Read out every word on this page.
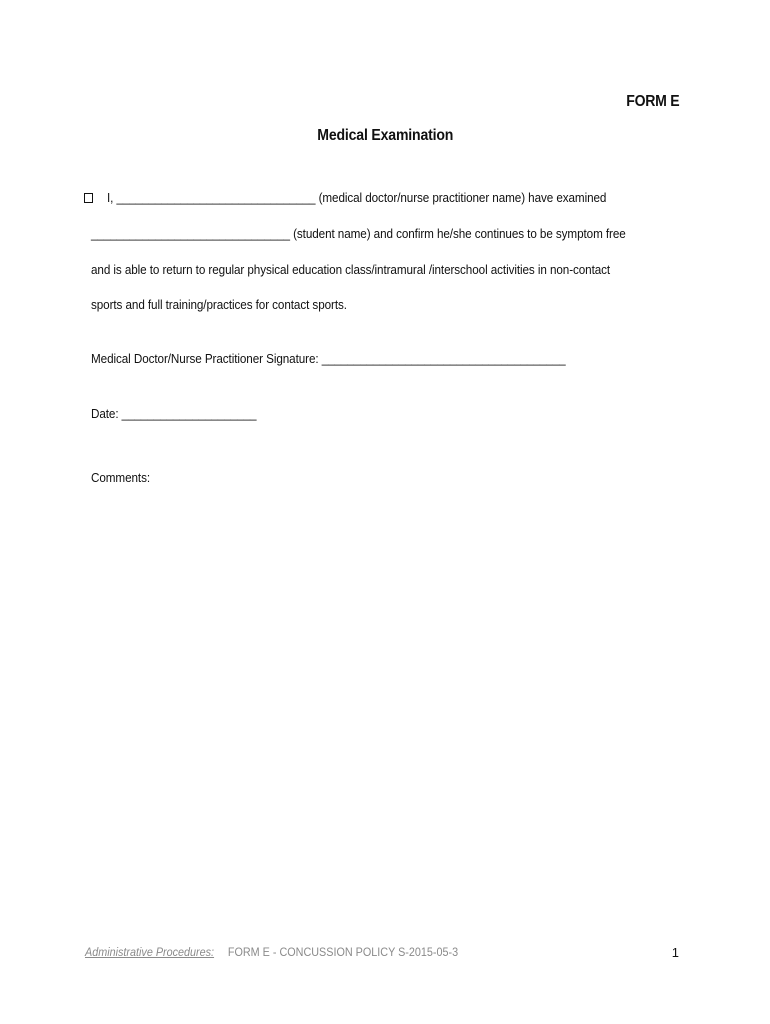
FORM E
Medical Examination
I, _______________________________ (medical doctor/nurse practitioner name) have examined
_______________________________ (student name) and confirm he/she continues to be symptom free
and is able to return to regular physical education class/intramural /interschool activities in non-contact
sports and full training/practices for contact sports.
Medical Doctor/Nurse Practitioner Signature: ______________________________________
Date: _____________________
Comments:
Administrative Procedures: FORM E - CONCUSSION POLICY S-2015-05-3	1
